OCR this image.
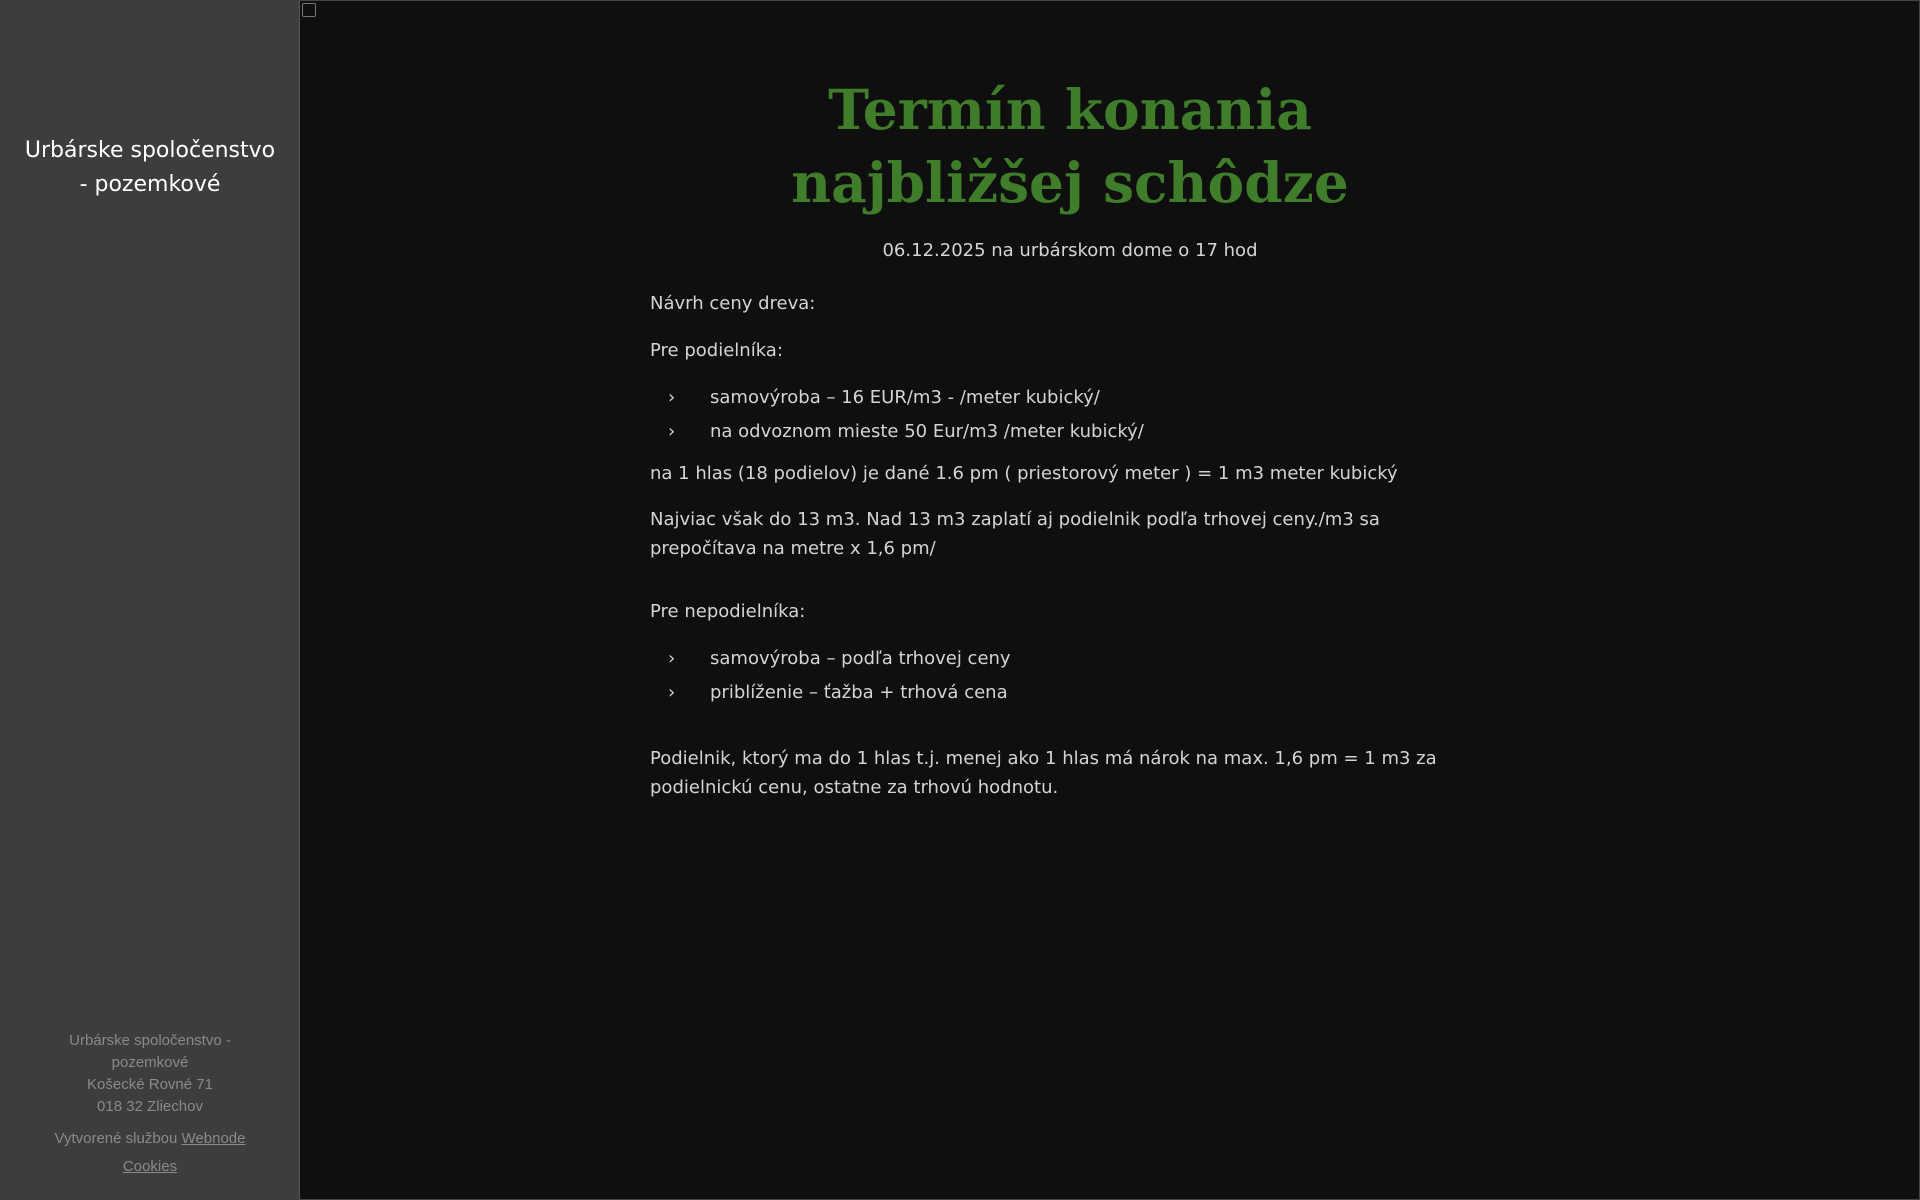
Urbárske spoločenstvo - pozemkové
Urbárske spoločenstvo -
pozemkové
Košecké Rovné 71
018 32 Zliechov
Vytvorené službou Webnode
Cookies
Termín konania
najbližšej schôdze
06.12.2025 na urbárskom dome o 17 hod

Návrh ceny dreva:

Pre podielníka:

› samovýroba – 16 EUR/m3 - /meter kubický/
› na odvoznom mieste 50 Eur/m3 /meter kubický/

na 1 hlas (18 podielov) je dané 1.6 pm ( priestorový meter ) = 1 m3 meter kubický

Najviac však do 13 m3. Nad 13 m3 zaplatí aj podielnik podľa trhovej ceny./m3 sa prepočítava na metre x 1,6 pm/

Pre nepodielníka:

› samovýroba – podľa trhovej ceny
› priblíženie – ťažba + trhová cena

Podielnik, ktorý ma do 1 hlas t.j. menej ako 1 hlas má nárok na max. 1,6 pm = 1 m3 za podielnickú cenu, ostatne za trhovú hodnotu.
